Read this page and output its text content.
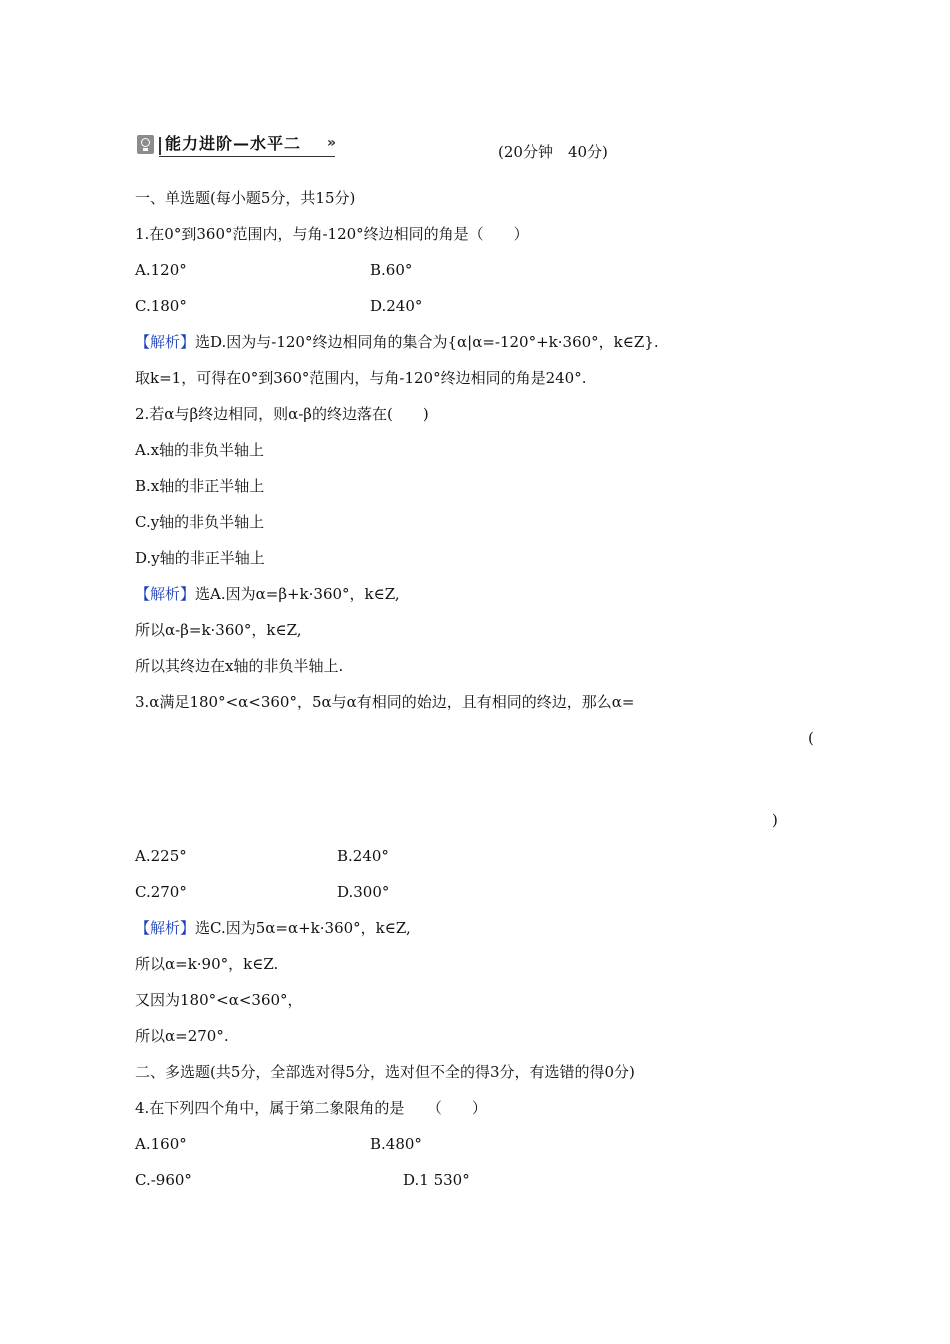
能力进阶—水平二 »	(20分钟　40分)
一、单选题(每小题5分，共15分)
1.在0°到360°范围内，与角-120°终边相同的角是（　　）
A.120°	B.60°
C.180°	D.240°
【解析】选D.因为与-120°终边相同角的集合为{α|α=-120°+k·360°，k∈Z}.
取k=1，可得在0°到360°范围内，与角-120°终边相同的角是240°.
2.若α与β终边相同，则α-β的终边落在(　　)
A.x轴的非负半轴上
B.x轴的非正半轴上
C.y轴的非负半轴上
D.y轴的非正半轴上
【解析】选A.因为α=β+k·360°，k∈Z,
所以α-β=k·360°，k∈Z,
所以其终边在x轴的非负半轴上.
3.α满足180°<α<360°，5α与α有相同的始边，且有相同的终边，那么α=
(
)
A.225°	B.240°
C.270°	D.300°
【解析】选C.因为5α=α+k·360°，k∈Z,
所以α=k·90°，k∈Z.
又因为180°<α<360°，
所以α=270°.
二、多选题(共5分，全部选对得5分，选对但不全的得3分，有选错的得0分)
4.在下列四个角中，属于第二象限角的是　　（　　）
A.160°	B.480°
C.-960°	D.1 530°
